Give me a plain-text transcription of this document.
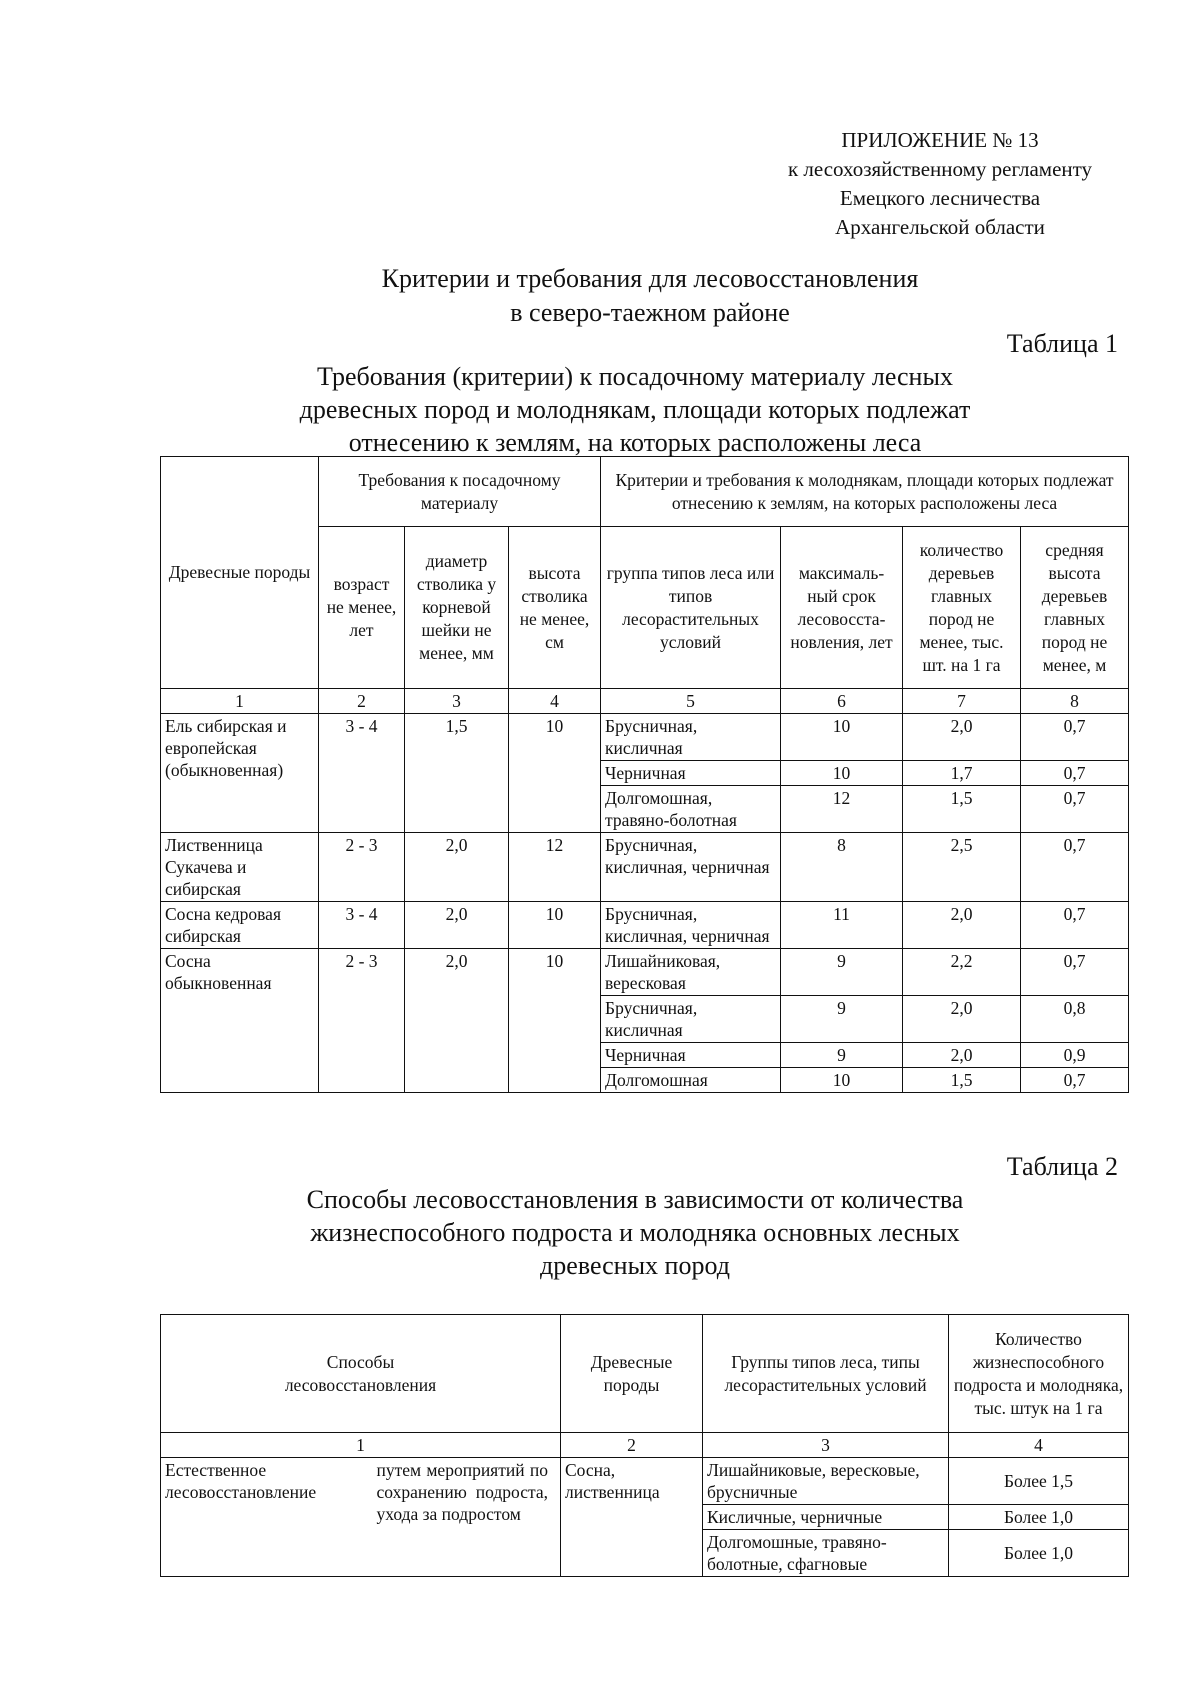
ПРИЛОЖЕНИЕ № 13
к лесохозяйственному регламенту
Емецкого лесничества
Архангельской области
Критерии и требования для лесовосстановления
в северо-таежном районе
Таблица 1
Требования (критерии) к посадочному материалу лесных
древесных пород и молоднякам, площади которых подлежат
отнесению к землям, на которых расположены леса
Древесные породы	Требования к посадочному материалу			Критерии и требования к молоднякам, площади которых подлежат отнесению к землям, на которых расположены леса			
	возраст не менее, лет	диаметр стволика у корневой шейки не менее, мм	высота стволика не менее, см	группа типов леса или типов лесорастительных условий	максималь-ный срок лесовосста-новления, лет	количество деревьев главных пород не менее, тыс. шт. на 1 га	средняя высота деревьев главных пород не менее, м
1	2	3	4	5	6	7	8
Ель сибирская и европейская (обыкновенная)	3 - 4	1,5	10	Брусничная, кисличная	10	2,0	0,7
				Черничная	10	1,7	0,7
				Долгомошная, травяно-болотная	12	1,5	0,7
Лиственница Сукачева и сибирская	2 - 3	2,0	12	Брусничная, кисличная, черничная	8	2,5	0,7
Сосна кедровая сибирская	3 - 4	2,0	10	Брусничная, кисличная, черничная	11	2,0	0,7
Сосна обыкновенная	2 - 3	2,0	10	Лишайниковая, вересковая	9	2,2	0,7
				Брусничная, кисличная	9	2,0	0,8
				Черничная	9	2,0	0,9
				Долгомошная	10	1,5	0,7
Таблица 2
Способы лесовосстановления в зависимости от количества
жизнеспособного подроста и молодняка основных лесных
древесных пород
Способы лесовосстановления		Древесные породы	Группы типов леса, типы лесорастительных условий	Количество жизнеспособного подроста и молодняка, тыс. штук на 1 га
1		2	3	4
Естественное лесовосстановление	путем мероприятий по сохранению подроста, ухода за подростом	Сосна, лиственница	Лишайниковые, вересковые, брусничные	Более 1,5
			Кисличные, черничные	Более 1,0
			Долгомошные, травяно-болотные, сфагновые	Более 1,0
